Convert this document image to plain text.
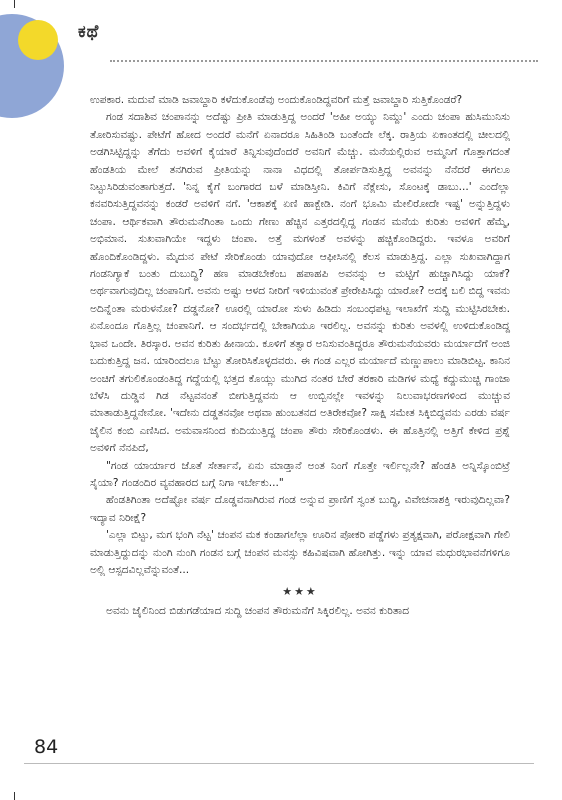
ಕಥೆ

ಉಪಕಾರ. ಮದುವೆ ಮಾಡಿ ಜವಾಬ್ದಾರಿ ಕಳೆದುಕೊಂಡೆವು ಅಂದುಕೊಂಡಿದ್ದವರಿಗೆ ಮತ್ತೆ ಜವಾಬ್ದಾರಿ ಸುತ್ತಿಕೊಂಡರೆ?

ಗಂಡ ಸದಾಶಿವ ಚಂಪಾನನ್ನು ಅದೆಷ್ಟು ಪ್ರೀತಿ ಮಾಡುತ್ತಿದ್ದ ಅಂದರೆ 'ಅಹೀ ಅಯ್ಯು ನಿಮ್ದು' ಎಂದು ಚಂಪಾ ಹುಸಿಮುನಿಸು ತೋರಿಸುವಷ್ಟು. ಪೇಟೆಗೆ ಹೋದ ಅಂದರೆ ಮನೆಗೆ ಏನಾದರೂ ಸಿಹಿತಿಂಡಿ ಬಂತೆಂದೇ ಲೆಕ್ಕ. ರಾತ್ರಿಯ ಏಕಾಂತದಲ್ಲಿ ಚೀಲದಲ್ಲಿ ಅಡಗಿಸಿಟ್ಟಿದ್ದನ್ನು ತೆಗೆದು ಅವಳಿಗೆ ಕೈಯಾರೆ ತಿನ್ನಿಸುವುದೆಂದರೆ ಅವನಿಗೆ ಮೆಚ್ಚು. ಮನೆಯಲ್ಲಿರುವ ಅಮ್ಮನಿಗೆ ಗೊತ್ತಾಗದಂತೆ ಹೆಂಡತಿಯ ಮೇಲೆ ತನಗಿರುವ ಪ್ರೀತಿಯನ್ನು ನಾನಾ ವಿಧದಲ್ಲಿ ತೋರ್ಪಡಿಸುತ್ತಿದ್ದ ಅವನನ್ನು ನೆನೆದರೆ ಈಗಲೂ ನಿಟ್ಟುಸಿರಿಡುವಂತಾಗುತ್ತದೆ. 'ನಿನ್ನ ಕೈಗೆ ಬಂಗಾರದ ಬಳೆ ಮಾಡಿಸ್ತೀನಿ. ಕಿವಿಗೆ ನೆಕ್ಲೇಸು, ಸೊಂಟಕ್ಕೆ ಡಾಬು...' ಎಂದೆಲ್ಲಾ ಕನವರಿಸುತ್ತಿದ್ದವನನ್ನು ಕಂಡರೆ ಅವಳಿಗೆ ನಗೆ. 'ಆಕಾಶಕ್ಕೆ ಏಣಿ ಹಾಕ್ಬೇಡಿ. ನಂಗೆ ಭೂಮಿ ಮೇಲಿರೋದೇ ಇಷ್ಟ' ಅನ್ನುತ್ತಿದ್ದಳು ಚಂಪಾ. ಆರ್ಥಿಕವಾಗಿ ತೌರುಮನೆಗಿಂತಾ ಒಂದು ಗೇಣು ಹೆಚ್ಚಿನ ಎತ್ತರದಲ್ಲಿದ್ದ ಗಂಡನ ಮನೆಯ ಕುರಿತು ಅವಳಿಗೆ ಹೆಮ್ಮೆ, ಅಭಿಮಾನ. ಸುಖವಾಗಿಯೇ ಇದ್ದಳು ಚಂಪಾ. ಅತ್ತೆ ಮಗಳಂತೆ ಅವಳನ್ನು ಹಚ್ಚಿಕೊಂಡಿದ್ದರು. ಇವಳೂ ಅವರಿಗೆ ಹೊಂದಿಕೊಂಡಿದ್ದಳು. ಮೈದುನ ಪೇಟೆ ಸೇರಿಕೊಂಡು ಯಾವುದೋ ಆಫೀಸಿನಲ್ಲಿ ಕೆಲಸ ಮಾಡುತ್ತಿದ್ದ. ಎಲ್ಲಾ ಸುಖವಾಗಿದ್ದಾಗ ಗಂಡನಿಗ್ಯಾಕೆ ಬಂತು ದುಬುದ್ಧಿ? ಹಣ ಮಾಡಬೇಕೆಂಬ ಹಪಾಹಪಿ ಅವನನ್ನು ಆ ಮಟ್ಟಿಗೆ ಹುಚ್ಚಾಗಿಸಿದ್ದು ಯಾಕೆ? ಅರ್ಥವಾಗುವುದಿಲ್ಲ ಚಂಪಾನಿಗೆ. ಅವನು ಅಷ್ಟು ಆಳದ ನೀರಿಗೆ ಇಳಿಯುವಂತೆ ಪ್ರೇರೇಪಿಸಿದ್ದು ಯಾರೋ? ಅದಕ್ಕೆ ಬಲಿ ಬಿದ್ದ ಇವನು ಅದಿನ್ನೆಂತಾ ಮರುಳನೋ? ದಡ್ಡನೋ? ಊರಲ್ಲಿ ಯಾರೋ ಸುಳು ಹಿಡಿದು ಸಂಬಂಧಪಟ್ಟ ಇಲಾಖೆಗೆ ಸುದ್ದಿ ಮುಟ್ಟಿಸಿರಬೇಕು. ಏನೊಂದೂ ಗೊತ್ತಿಲ್ಲ ಚಂಪಾನಿಗೆ. ಆ ಸಂದರ್ಭದಲ್ಲಿ ಬೇಕಾಗಿಯೂ ಇರಲಿಲ್ಲ. ಅವನನ್ನು ಕುರಿತು ಅವಳಲ್ಲಿ ಉಳಿದುಕೊಂಡಿದ್ದ ಭಾವ ಒಂದೇ. ತಿರಸ್ಕಾರ. ಅವನ ಕುರಿತು ಹೀನಾಯ. ಕೂಳಿಗೆ ತತ್ವಾರ ಅನಿಸುವಂತಿದ್ದರೂ ತೌರುಮನೆಯವರು ಮರ್ಯಾದೆಗೆ ಅಂಜಿ ಬದುಕುತ್ತಿದ್ದ ಜನ. ಯಾರಿಂದಲೂ ಬೆಟ್ಟು ತೋರಿಸಿಕೊಳ್ಳದವರು. ಈ ಗಂಡ ಎಲ್ಲರ ಮರ್ಯಾದೆ ಮಣ್ಣುಪಾಲು ಮಾಡಿಬಿಟ್ಟ. ಕಾನಿನ ಅಂಚಿಗೆ ತಗುಲಿಕೊಂಡಂತಿದ್ದ ಗದ್ದೆಯಲ್ಲಿ ಭತ್ತದ ಕೊಯ್ಲು ಮುಗಿದ ನಂತರ ಬೇರೆ ತರಕಾರಿ ಮಡಿಗಳ ಮಧ್ಯೆ ಕದ್ದುಮುಚ್ಚಿ ಗಾಂಜಾ ಬೆಳೆಸಿ ದುಡ್ಡಿನ ಗಿಡ ನೆಟ್ಟವನಂತೆ ಬೀಗುತ್ತಿದ್ದವನು ಆ ಉಬ್ಬಿನಲ್ಲೇ ಇವಳನ್ನು ನಿಲುವಾಭರಣಗಳಿಂದ ಮುಚ್ಚುವ ಮಾತಾಡುತ್ತಿದ್ದನೇನೋ. 'ಇದೇನು ದಡ್ಡತನವೋ ಅಥವಾ ಹುಂಬತನದ ಅತಿರೇಕವೋ? ಸಾಕ್ಷಿ ಸಮೇತ ಸಿಕ್ಕಿಬಿದ್ದವನು ಎರಡು ವರ್ಷ ಜೈಲಿನ ಕಂಬಿ ಎಣಿಸಿದ. ಅಮವಾಸನಿಂದ ಕುದಿಯುತ್ತಿದ್ದ ಚಂಪಾ ತೌರು ಸೇರಿಕೊಂಡಳು. ಈ ಹೊತ್ತಿನಲ್ಲಿ ಅತ್ತಿಗೆ ಕೇಳಿದ ಪ್ರಶ್ನೆ ಅವಳಿಗೆ ನೆನಪಿದೆ,

"ಗಂಡ ಯಾರ್ಯಾರ ಜೊತೆ ಸೇರ್ತಾನೆ, ಏನು ಮಾಡ್ತಾನೆ ಅಂತ ನಿಂಗೆ ಗೊತ್ತೇ ಇರ್ಲಿಲ್ಲನೇ? ಹೆಂಡತಿ ಅನ್ನಿಸ್ಕೊಂಬಿಟ್ರೆ ಸೈಯಾ? ಗಂಡಂದಿರ ವ್ಯವಹಾರದ ಬಗ್ಗೆ ನಿಗಾ ಇರ್ಬೇಕು..."

ಹೆಂಡತಿಗಿಂತಾ ಅದೆಷ್ಟೋ ವರ್ಷ ದೊಡ್ಡವನಾಗಿರುವ ಗಂಡ ಅನ್ನುವ ಪ್ರಾಣಿಗೆ ಸ್ವಂತ ಬುದ್ಧಿ, ವಿವೇಚನಾಶಕ್ತಿ ಇರುವುದಿಲ್ಲವಾ? ಇದ್ಯಾವ ನಿರೀಕ್ಷೆ?

'ಎಲ್ಲಾ ಬಿಟ್ಟು, ಮಗ ಭಂಗಿ ನೆಟ್ಟ' ಚಂಪನ ಮಕ ಕಂಡಾಗಲೆಲ್ಲಾ ಊರಿನ ಪೋಕರಿ ಪಡ್ಡೆಗಳು ಪ್ರತ್ಯಕ್ಷವಾಗಿ, ಪರೋಕ್ಷವಾಗಿ ಗೇಲಿ ಮಾಡುತ್ತಿದ್ದುದನ್ನು ನುಂಗಿ ನುಂಗಿ ಗಂಡನ ಬಗ್ಗೆ ಚಂಪನ ಮನಸ್ಸು ಕಹಿವಿಷವಾಗಿ ಹೋಗಿತ್ತು. ಇನ್ನು ಯಾವ ಮಧುರಭಾವನೆಗಳಿಗೂ ಅಲ್ಲಿ ಆಸ್ಪದವಿಲ್ಲವೆನ್ನುವಂತೆ...

★★★

ಅವನು ಜೈಲಿನಿಂದ ಬಿಡುಗಡೆಯಾದ ಸುದ್ದಿ ಚಂಪನ ತೌರುಮನೆಗೆ ಸಿಕ್ಕಿರಲಿಲ್ಲ. ಅವನ ಕುರಿತಾದ

84
